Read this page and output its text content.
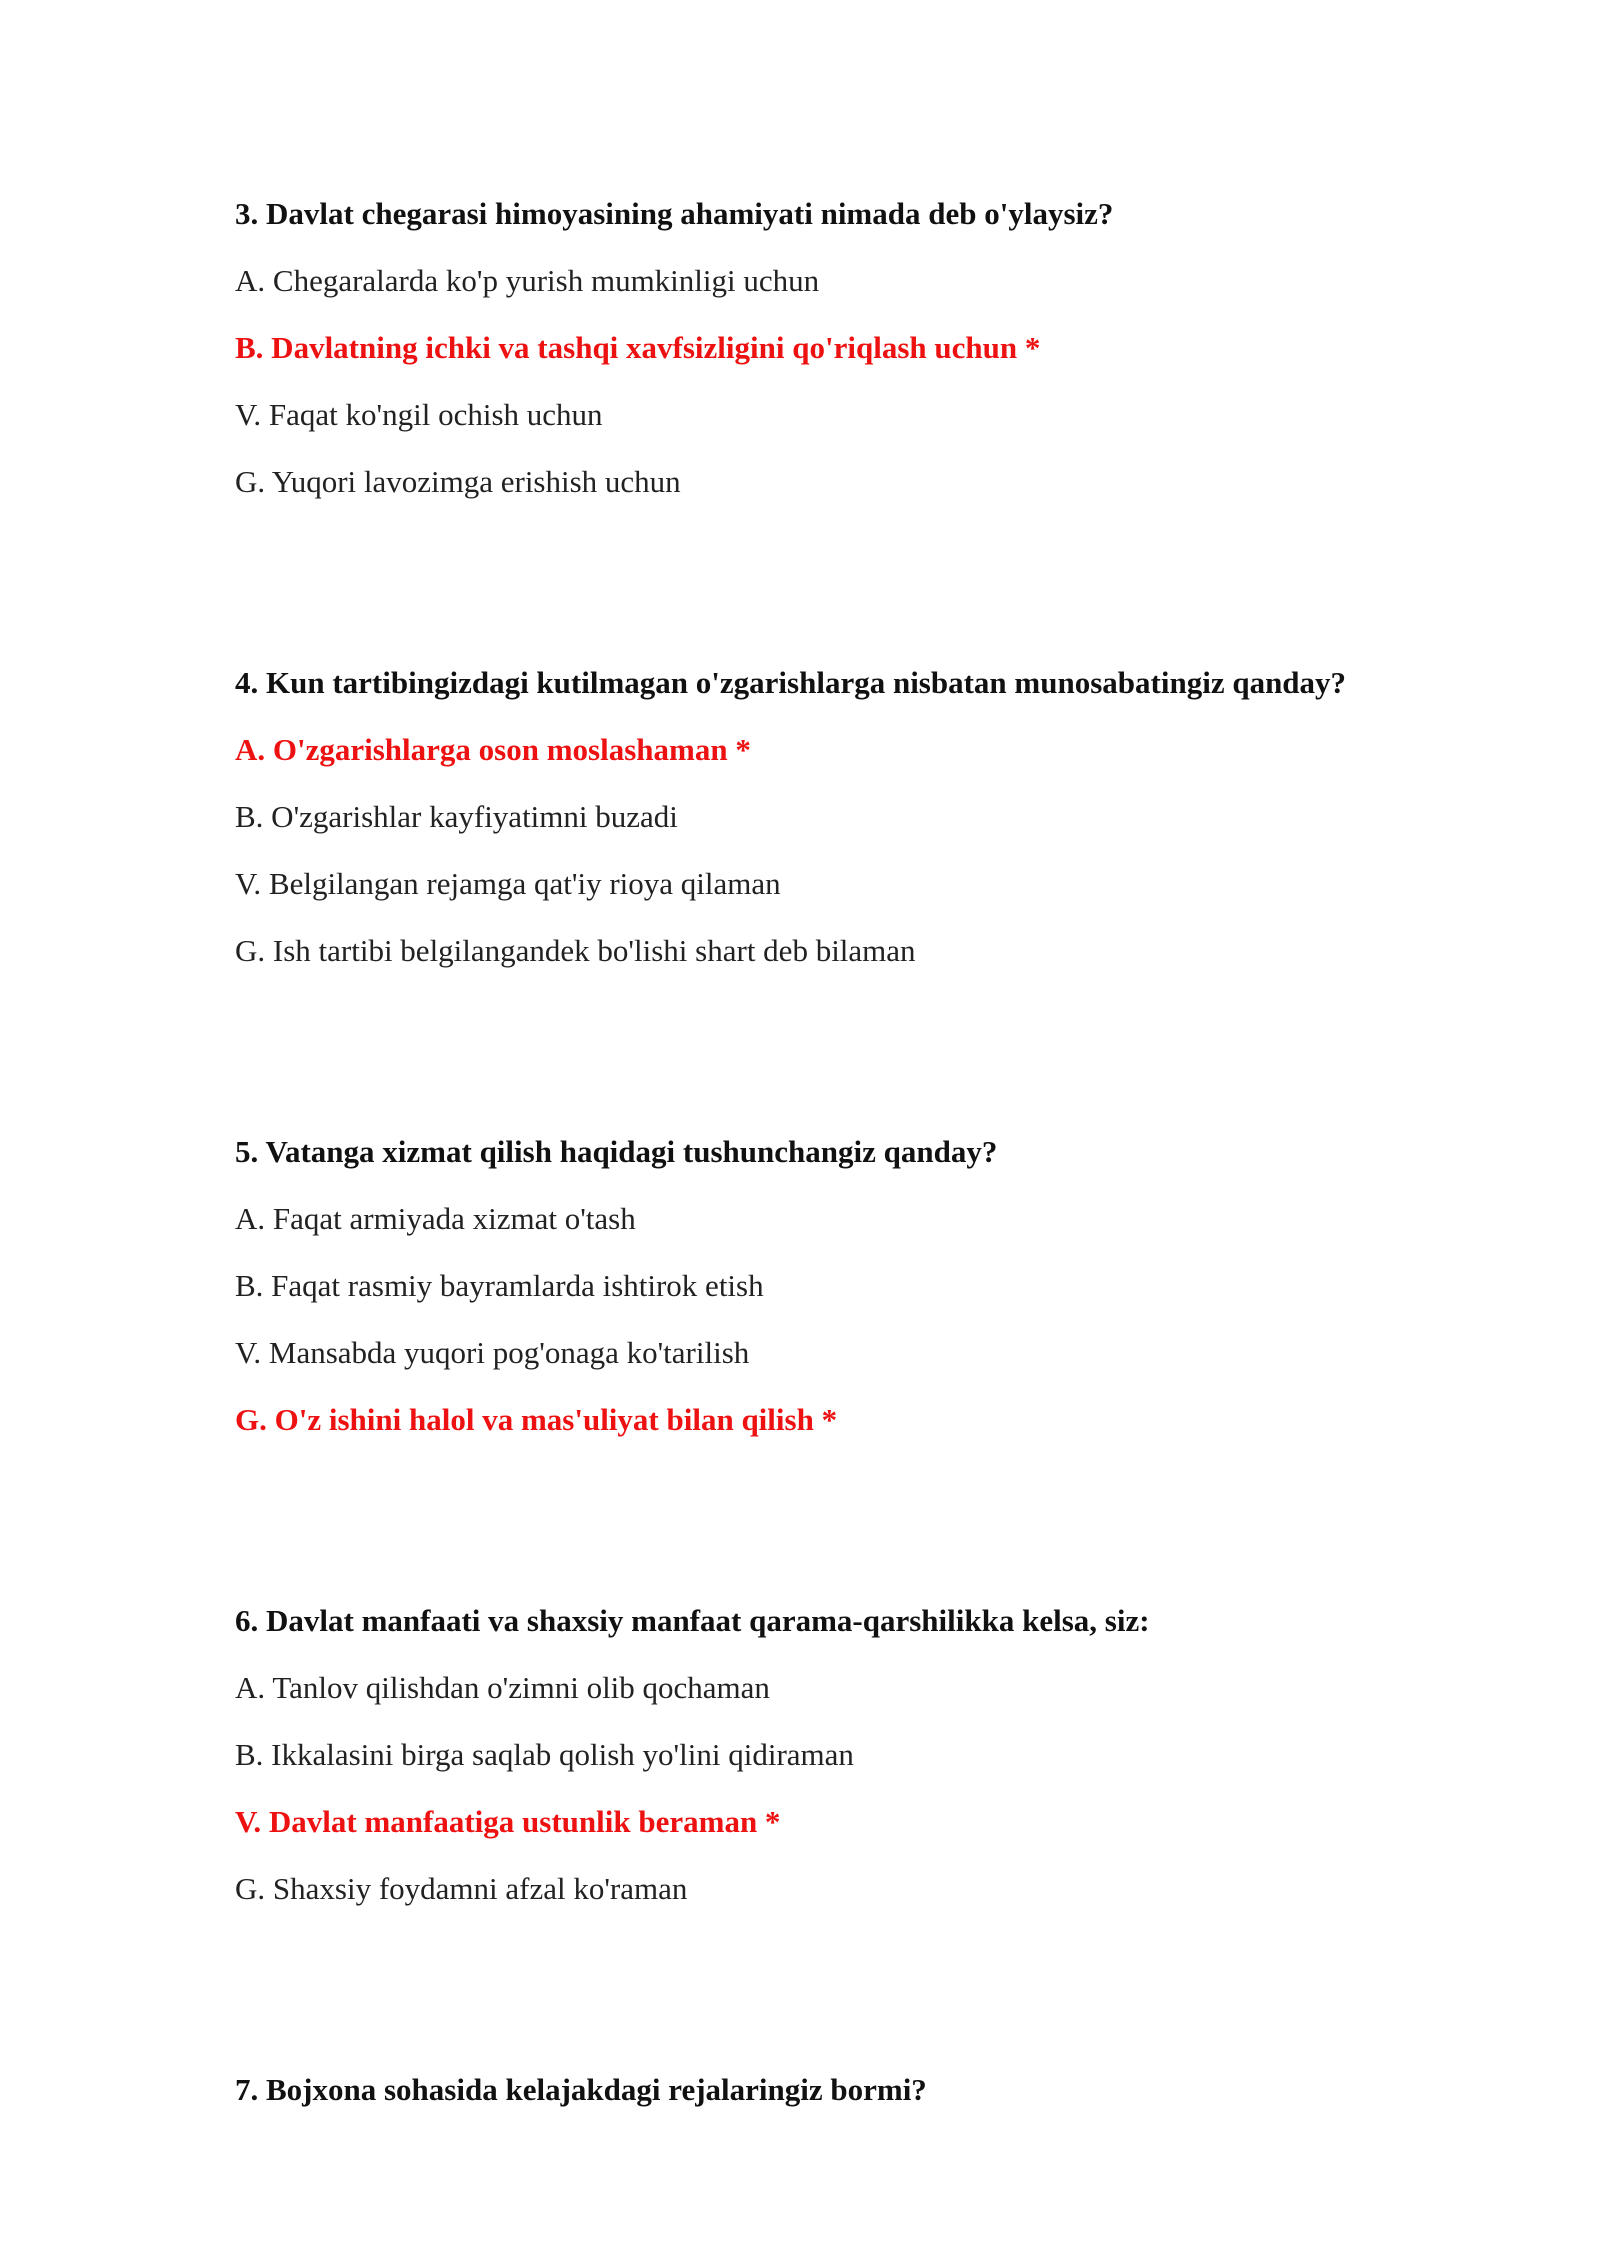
3. Davlat chegarasi himoyasining ahamiyati nimada deb o'ylaysiz?
A. Chegaralarda ko'p yurish mumkinligi uchun
B. Davlatning ichki va tashqi xavfsizligini qo'riqlash uchun *
V. Faqat ko'ngil ochish uchun
G. Yuqori lavozimga erishish uchun
4. Kun tartibingizdagi kutilmagan o'zgarishlarga nisbatan munosabatingiz qanday?
A. O'zgarishlarga oson moslashaman *
B. O'zgarishlar kayfiyatimni buzadi
V. Belgilangan rejamga qat'iy rioya qilaman
G. Ish tartibi belgilangandek bo'lishi shart deb bilaman
5. Vatanga xizmat qilish haqidagi tushunchangiz qanday?
A. Faqat armiyada xizmat o'tash
B. Faqat rasmiy bayramlarda ishtirok etish
V. Mansabda yuqori pog'onaga ko'tarilish
G. O'z ishini halol va mas'uliyat bilan qilish *
6. Davlat manfaati va shaxsiy manfaat qarama-qarshilikka kelsa, siz:
A. Tanlov qilishdan o'zimni olib qochaman
B. Ikkalasini birga saqlab qolish yo'lini qidiraman
V. Davlat manfaatiga ustunlik beraman *
G. Shaxsiy foydamni afzal ko'raman
7. Bojxona sohasida kelajakdagi rejalaringiz bormi?
